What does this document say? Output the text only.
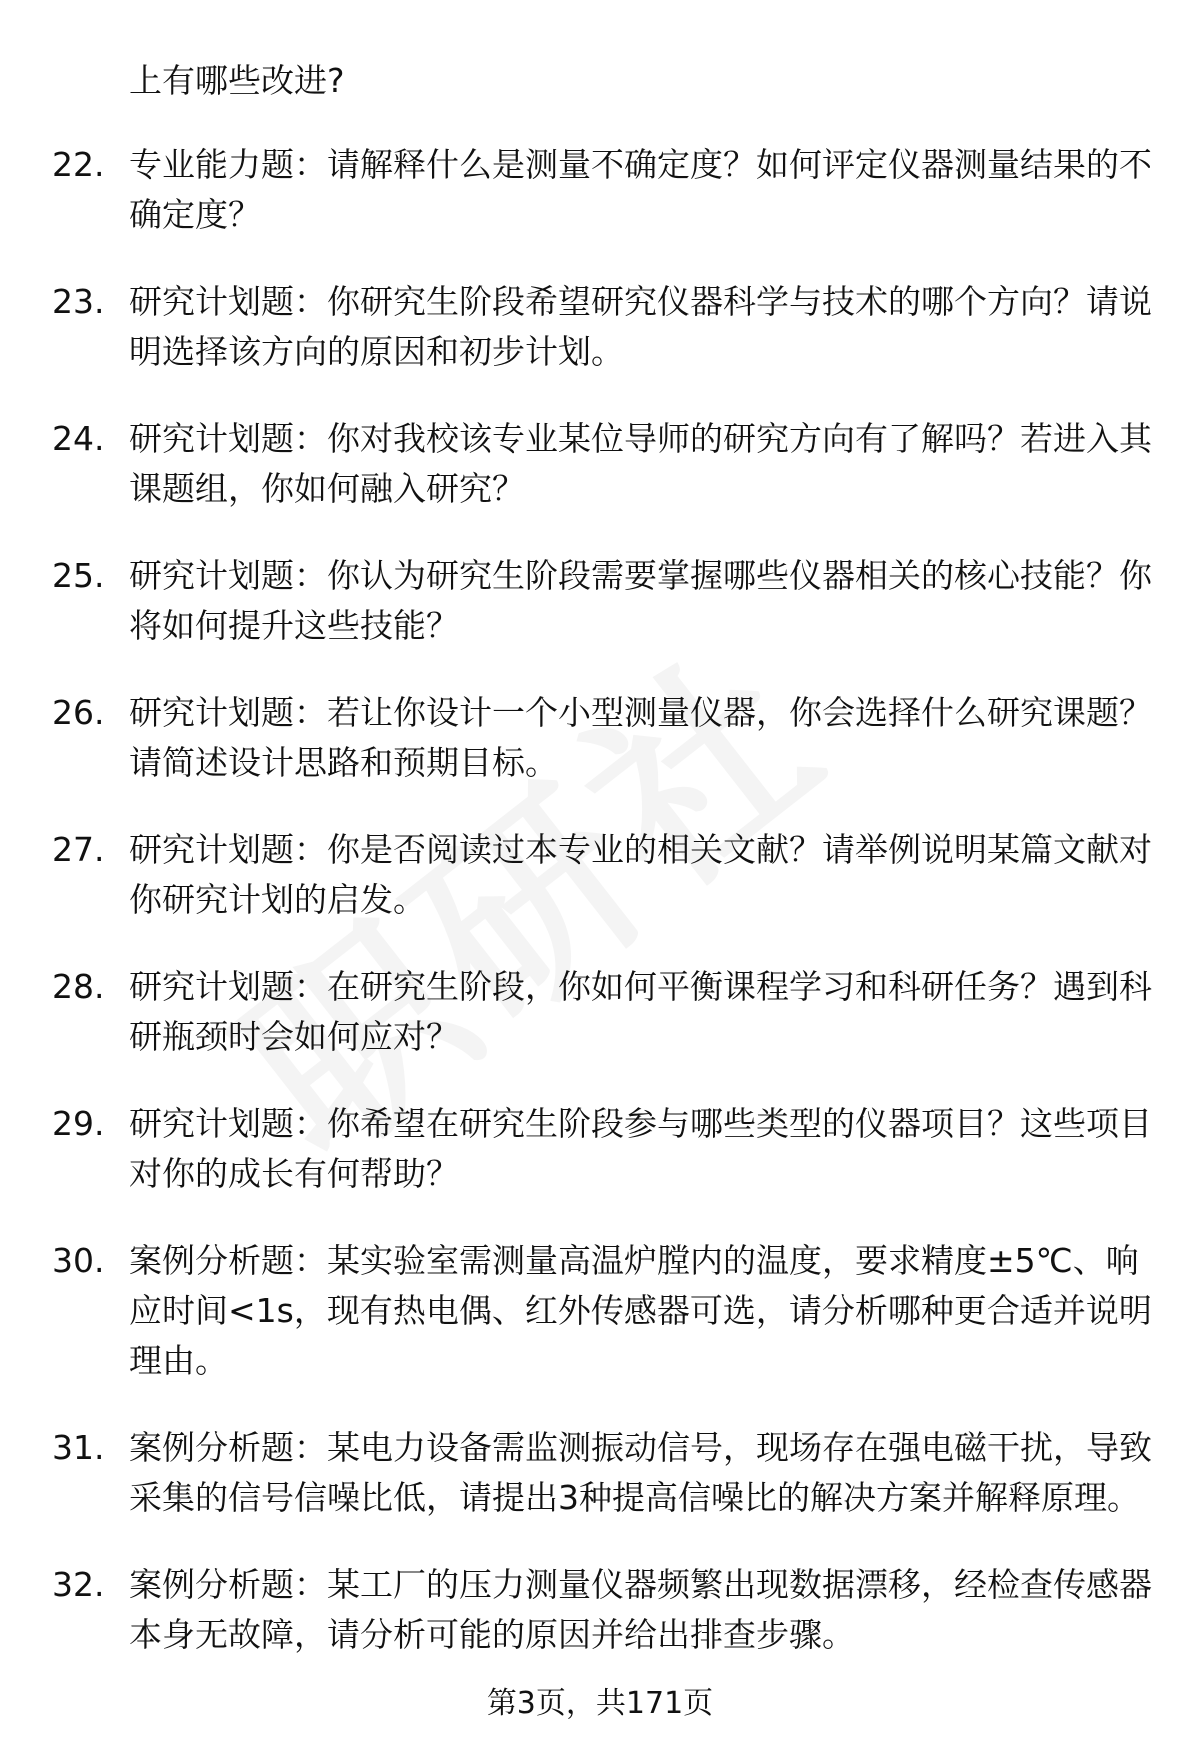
上有哪些改进?

22. 专业能力题：请解释什么是测量不确定度？如何评定仪器测量结果的不确定度？
23. 研究计划题：你研究生阶段希望研究仪器科学与技术的哪个方向？请说明选择该方向的原因和初步计划。
24. 研究计划题：你对我校该专业某位导师的研究方向有了解吗？若进入其课题组，你如何融入研究？
25. 研究计划题：你认为研究生阶段需要掌握哪些仪器相关的核心技能？你将如何提升这些技能？
26. 研究计划题：若让你设计一个小型测量仪器，你会选择什么研究课题？请简述设计思路和预期目标。
27. 研究计划题：你是否阅读过本专业的相关文献？请举例说明某篇文献对你研究计划的启发。
28. 研究计划题：在研究生阶段，你如何平衡课程学习和科研任务？遇到科研瓶颈时会如何应对？
29. 研究计划题：你希望在研究生阶段参与哪些类型的仪器项目？这些项目对你的成长有何帮助？
30. 案例分析题：某实验室需测量高温炉膛内的温度，要求精度±5℃、响应时间<1s，现有热电偶、红外传感器可选，请分析哪种更合适并说明理由。
31. 案例分析题：某电力设备需监测振动信号，现场存在强电磁干扰，导致采集的信号信噪比低，请提出3种提高信噪比的解决方案并解释原理。
32. 案例分析题：某工厂的压力测量仪器频繁出现数据漂移，经检查传感器本身无故障，请分析可能的原因并给出排查步骤。

第3页，共171页
